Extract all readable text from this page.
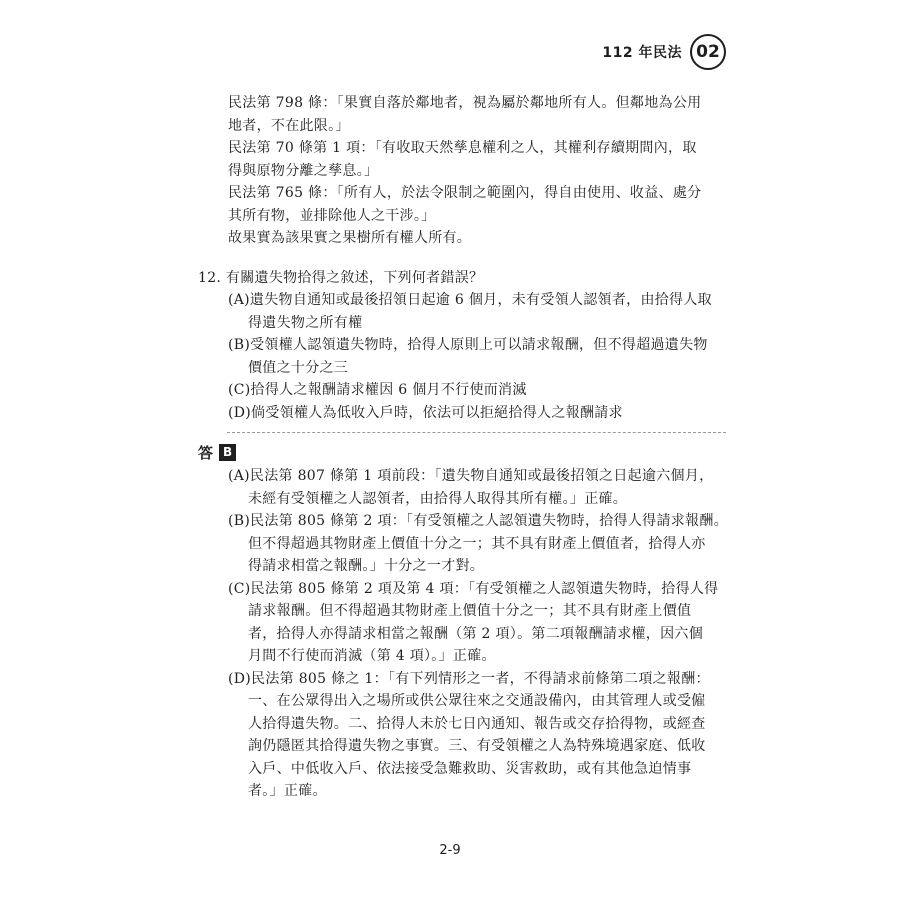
112 年民法 02
民法第 798 條：「果實自落於鄰地者，視為屬於鄰地所有人。但鄰地為公用
地者，不在此限。」
民法第 70 條第 1 項：「有收取天然孳息權利之人，其權利存續期間內，取
得與原物分離之孳息。」
民法第 765 條：「所有人，於法令限制之範圍內，得自由使用、收益、處分
其所有物，並排除他人之干涉。」
故果實為該果實之果樹所有權人所有。
12. 有關遺失物拾得之敘述，下列何者錯誤？
(A)遺失物自通知或最後招領日起逾 6 個月，未有受領人認領者，由拾得人取
得遺失物之所有權
(B)受領權人認領遺失物時，拾得人原則上可以請求報酬，但不得超過遺失物
價值之十分之三
(C)拾得人之報酬請求權因 6 個月不行使而消滅
(D)倘受領權人為低收入戶時，依法可以拒絕拾得人之報酬請求
答 B
(A)民法第 807 條第 1 項前段：「遺失物自通知或最後招領之日起逾六個月，
未經有受領權之人認領者，由拾得人取得其所有權。」正確。
(B)民法第 805 條第 2 項：「有受領權之人認領遺失物時，拾得人得請求報酬。
但不得超過其物財產上價值十分之一；其不具有財產上價值者，拾得人亦
得請求相當之報酬。」十分之一才對。
(C)民法第 805 條第 2 項及第 4 項：「有受領權之人認領遺失物時，拾得人得
請求報酬。但不得超過其物財產上價值十分之一；其不具有財產上價值
者，拾得人亦得請求相當之報酬（第 2 項）。第二項報酬請求權，因六個
月間不行使而消滅（第 4 項）。」正確。
(D)民法第 805 條之 1：「有下列情形之一者，不得請求前條第二項之報酬：
一、在公眾得出入之場所或供公眾往來之交通設備內，由其管理人或受僱
人拾得遺失物。二、拾得人未於七日內通知、報告或交存拾得物，或經查
詢仍隱匿其拾得遺失物之事實。三、有受領權之人為特殊境遇家庭、低收
入戶、中低收入戶、依法接受急難救助、災害救助，或有其他急迫情事
者。」正確。
2-9
